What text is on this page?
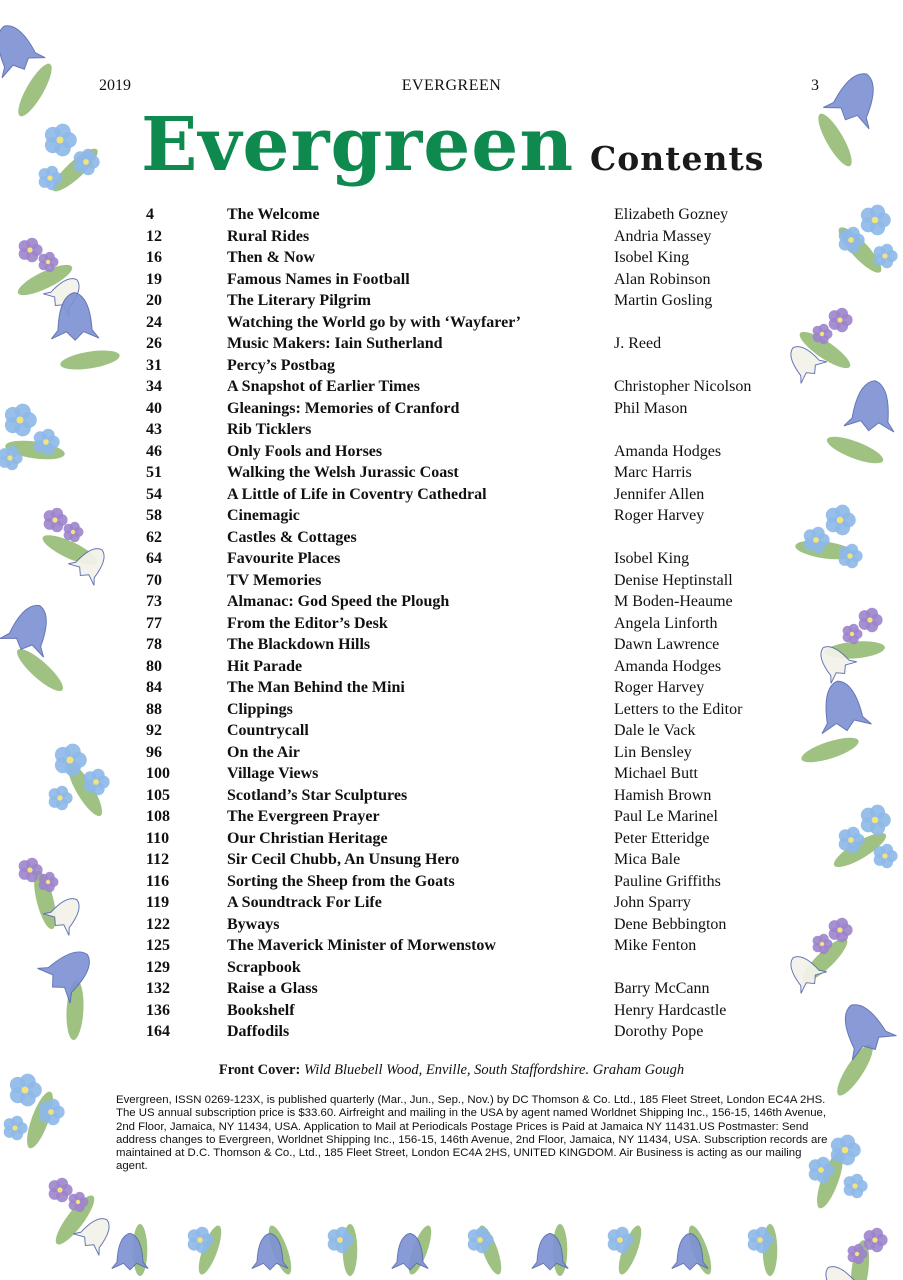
2019	EVERGREEN	3
Evergreen Contents
4	The Welcome	Elizabeth Gozney
12	Rural Rides	Andria Massey
16	Then & Now	Isobel King
19	Famous Names in Football	Alan Robinson
20	The Literary Pilgrim	Martin Gosling
24	Watching the World go by with ‘Wayfarer’
26	Music Makers: Iain Sutherland	J. Reed
31	Percy’s Postbag
34	A Snapshot of Earlier Times	Christopher Nicolson
40	Gleanings: Memories of Cranford	Phil Mason
43	Rib Ticklers
46	Only Fools and Horses	Amanda Hodges
51	Walking the Welsh Jurassic Coast	Marc Harris
54	A Little of Life in Coventry Cathedral	Jennifer Allen
58	Cinemagic	Roger Harvey
62	Castles & Cottages
64	Favourite Places	Isobel King
70	TV Memories	Denise Heptinstall
73	Almanac: God Speed the Plough	M Boden-Heaume
77	From the Editor’s Desk	Angela Linforth
78	The Blackdown Hills	Dawn Lawrence
80	Hit Parade	Amanda Hodges
84	The Man Behind the Mini	Roger Harvey
88	Clippings	Letters to the Editor
92	Countrycall	Dale le Vack
96	On the Air	Lin Bensley
100	Village Views	Michael Butt
105	Scotland’s Star Sculptures	Hamish Brown
108	The Evergreen Prayer	Paul Le Marinel
110	Our Christian Heritage	Peter Etteridge
112	Sir Cecil Chubb, An Unsung Hero	Mica Bale
116	Sorting the Sheep from the Goats	Pauline Griffiths
119	A Soundtrack For Life	John Sparry
122	Byways	Dene Bebbington
125	The Maverick Minister of Morwenstow	Mike Fenton
129	Scrapbook
132	Raise a Glass	Barry McCann
136	Bookshelf	Henry Hardcastle
164	Daffodils	Dorothy Pope
Front Cover: Wild Bluebell Wood, Enville, South Staffordshire. Graham Gough
Evergreen, ISSN 0269-123X, is published quarterly (Mar., Jun., Sep., Nov.) by DC Thomson & Co. Ltd., 185 Fleet Street, London EC4A 2HS. The US annual subscription price is $33.60. Airfreight and mailing in the USA by agent named Worldnet Shipping Inc., 156-15, 146th Avenue, 2nd Floor, Jamaica, NY 11434, USA. Application to Mail at Periodicals Postage Prices is Paid at Jamaica NY 11431.US Postmaster: Send address changes to Evergreen, Worldnet Shipping Inc., 156-15, 146th Avenue, 2nd Floor, Jamaica, NY 11434, USA. Subscription records are maintained at D.C. Thomson & Co., Ltd., 185 Fleet Street, London EC4A 2HS, UNITED KINGDOM. Air Business is acting as our mailing agent.
